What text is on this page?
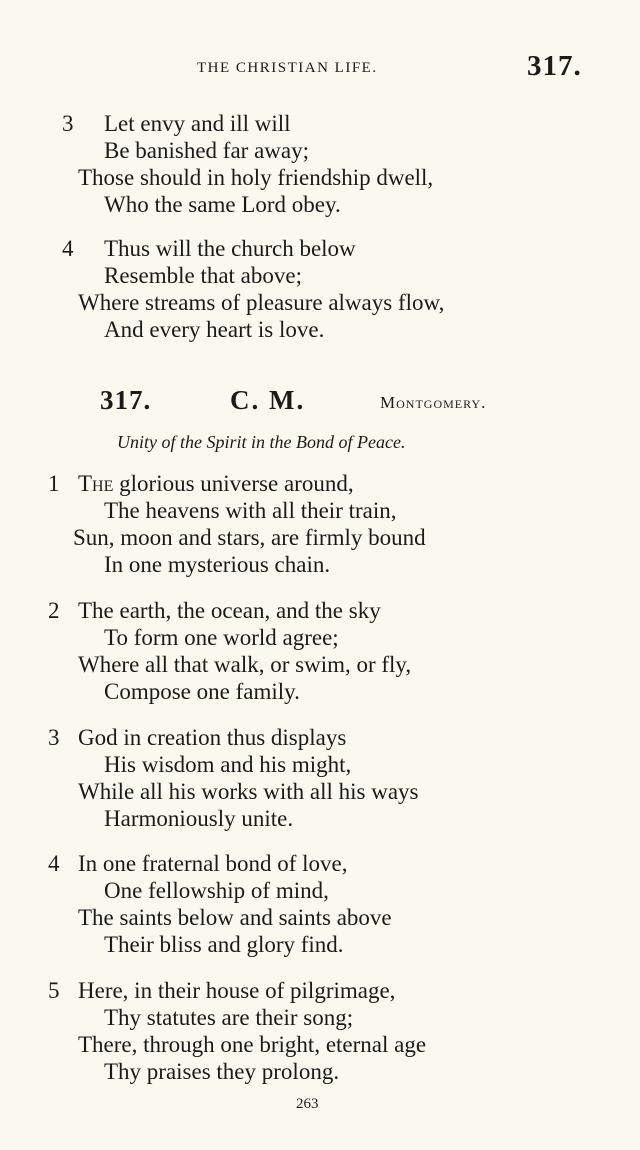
THE CHRISTIAN LIFE.	317.
3 Let envy and ill will
Be banished far away;
Those should in holy friendship dwell,
Who the same Lord obey.
4 Thus will the church below
Resemble that above;
Where streams of pleasure always flow,
And every heart is love.
317.	C. M.	Montgomery.
Unity of the Spirit in the Bond of Peace.
1 The glorious universe around,
The heavens with all their train,
Sun, moon and stars, are firmly bound
In one mysterious chain.
2 The earth, the ocean, and the sky
To form one world agree;
Where all that walk, or swim, or fly,
Compose one family.
3 God in creation thus displays
His wisdom and his might,
While all his works with all his ways
Harmoniously unite.
4 In one fraternal bond of love,
One fellowship of mind,
The saints below and saints above
Their bliss and glory find.
5 Here, in their house of pilgrimage,
Thy statutes are their song;
There, through one bright, eternal age
Thy praises they prolong.
263
